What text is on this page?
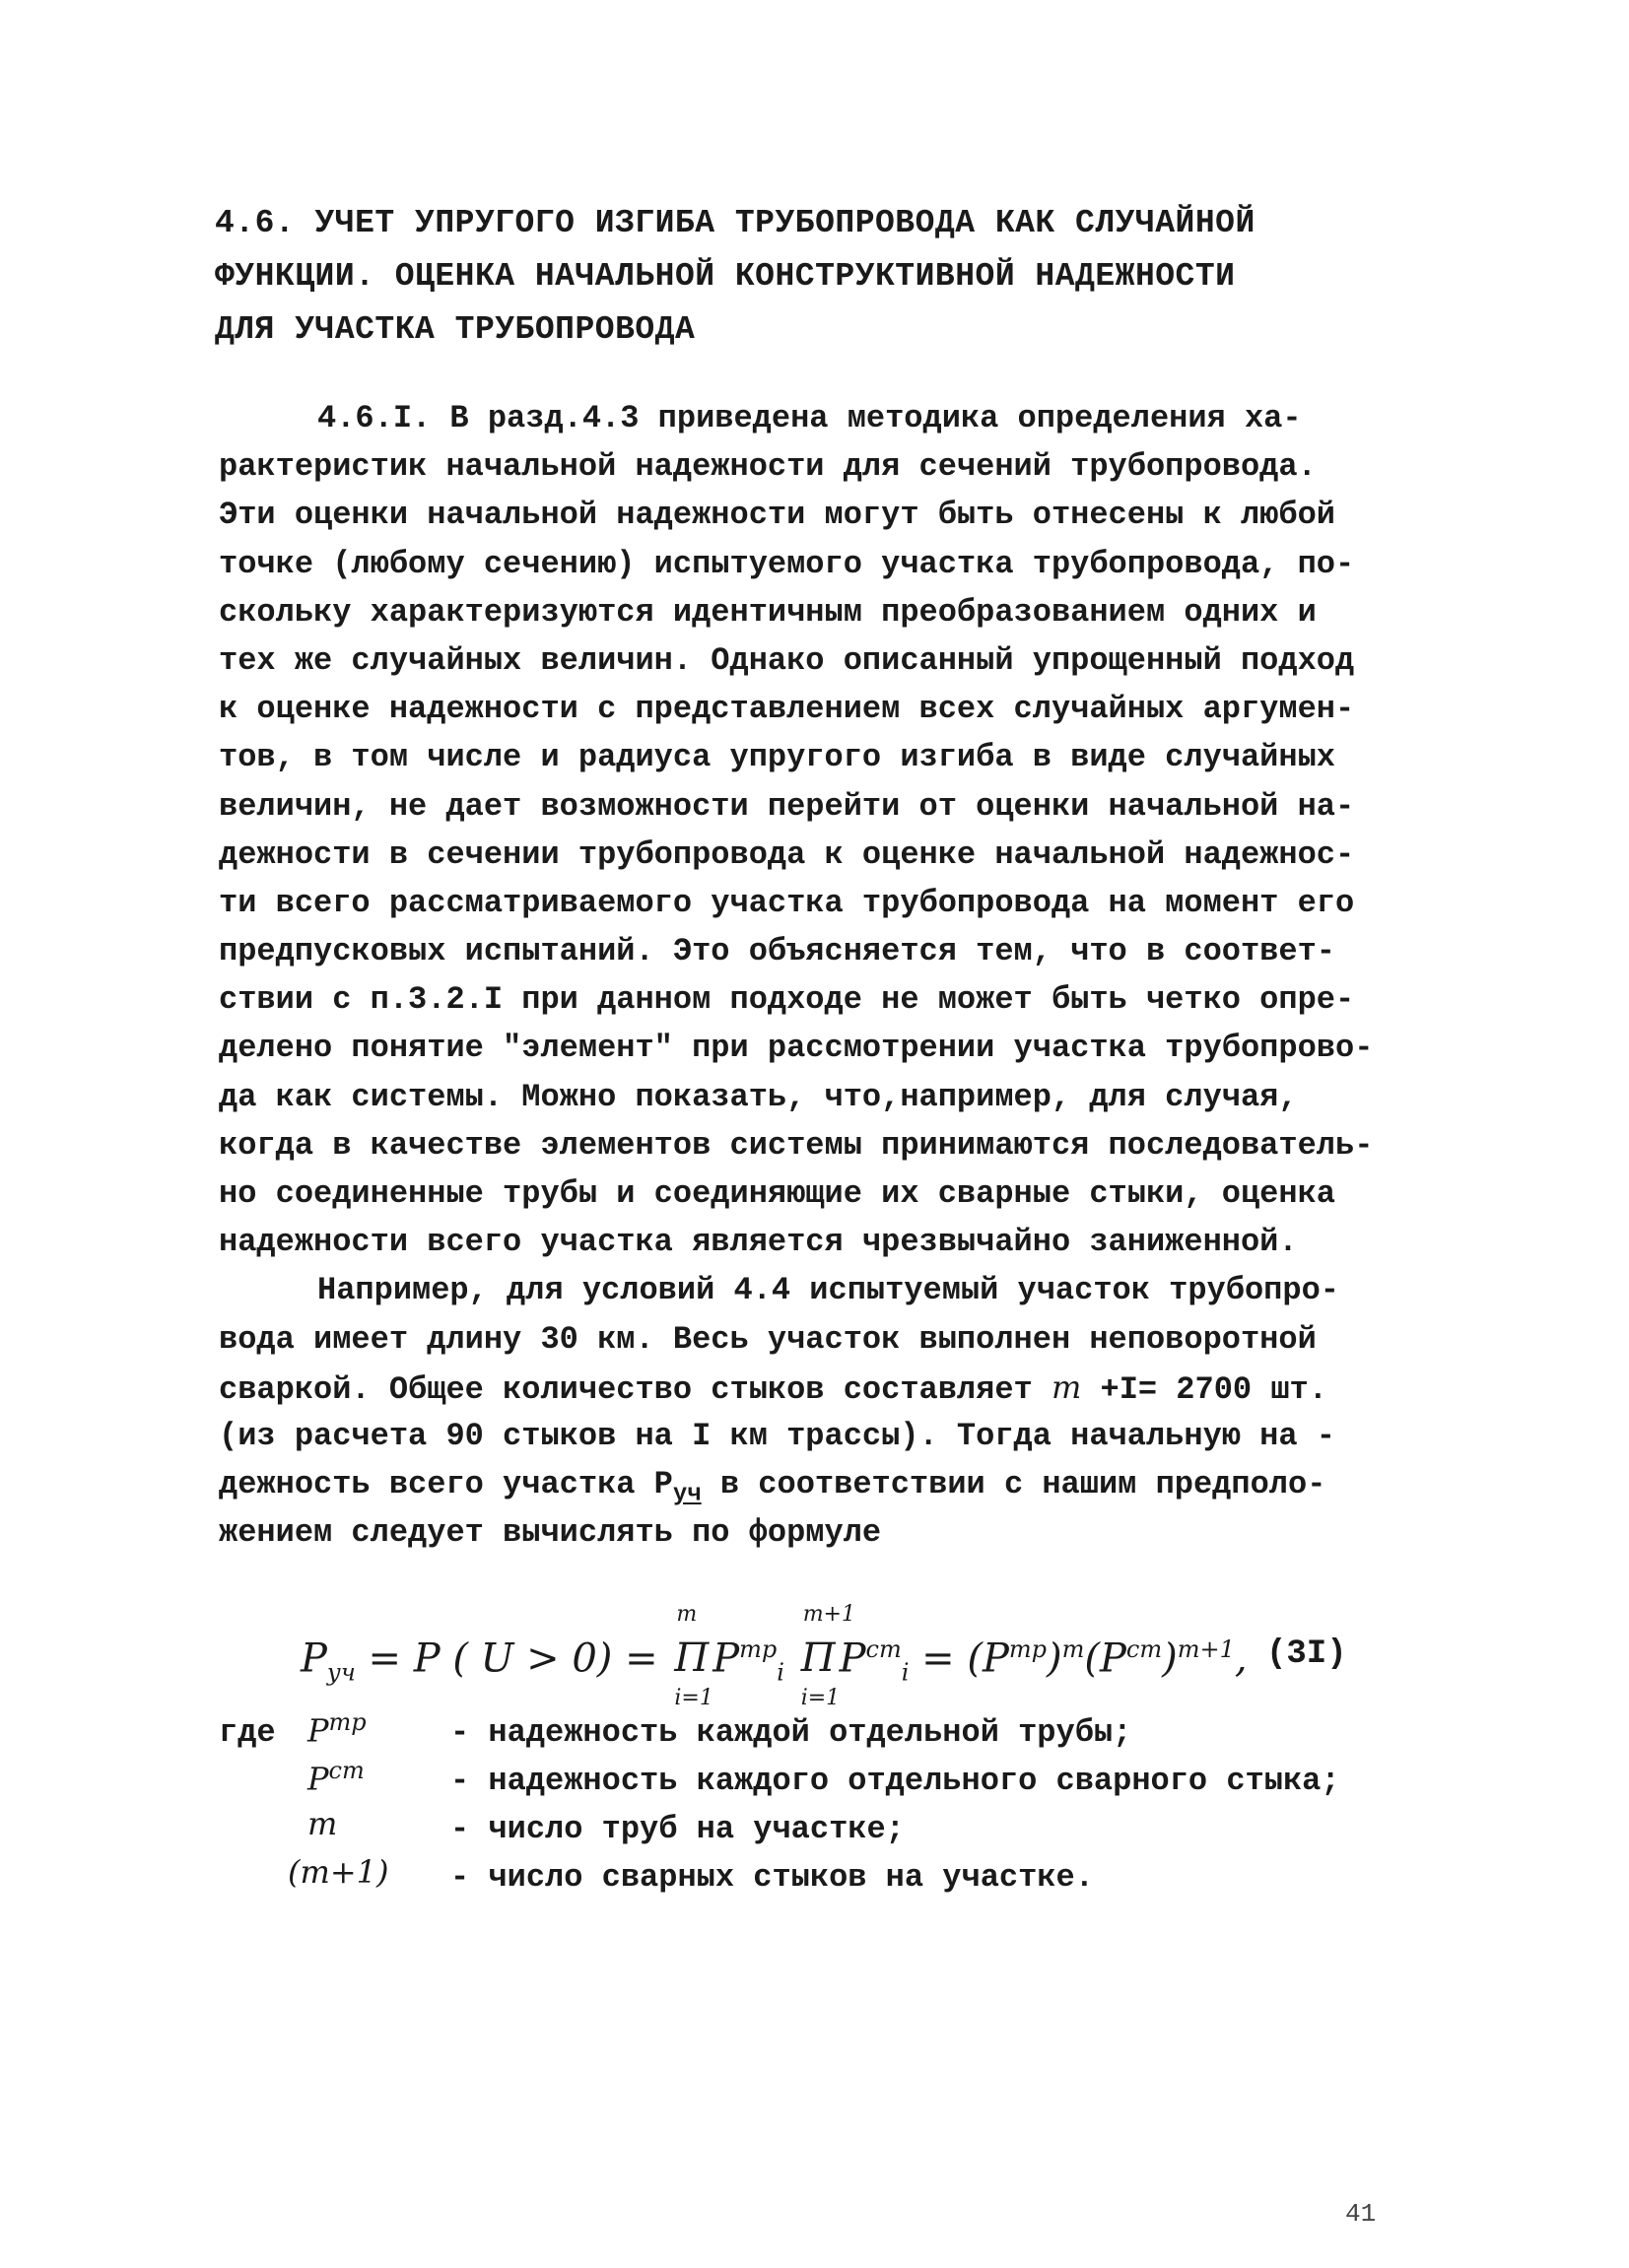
4.6. УЧЕТ УПРУГОГО ИЗГИБА ТРУБОПРОВОДА КАК СЛУЧАЙНОЙ
ФУНКЦИИ. ОЦЕНКА НАЧАЛЬНОЙ КОНСТРУКТИВНОЙ НАДЕЖНОСТИ
ДЛЯ УЧАСТКА ТРУБОПРОВОДА
4.6.I. В разд.4.3 приведена методика определения ха-
рактеристик начальной надежности для сечений трубопровода.
Эти оценки начальной надежности могут быть отнесены к любой
точке (любому сечению) испытуемого участка трубопровода, по-
скольку характеризуются идентичным преобразованием одних и
тех же случайных величин. Однако описанный упрощенный подход
к оценке надежности с представлением всех случайных аргумен-
тов, в том числе и радиуса упругого изгиба в виде случайных
величин, не дает возможности перейти от оценки начальной на-
дежности в сечении трубопровода к оценке начальной надежнос-
ти всего рассматриваемого участка трубопровода на момент его
предпусковых испытаний. Это объясняется тем, что в соответ-
ствии с п.3.2.I при данном подходе не может быть четко опре-
делено понятие "элемент" при рассмотрении участка трубопрово-
да как системы. Можно показать, что,например, для случая,
когда в качестве элементов системы принимаются последователь-
но соединенные трубы и соединяющие их сварные стыки, оценка
надежности всего участка является чрезвычайно заниженной.
Например, для условий 4.4 испытуемый участок трубопро-
вода имеет длину 30 км. Весь участок выполнен неповоротной
сваркой. Общее количество стыков составляет m +I= 2700 шт.
(из расчета 90 стыков на I км трассы). Тогда начальную на -
дежность всего участка $P_{уч}$ в соответствии с нашим предполо-
жением следует вычислять по формуле
$P_{уч} = P$ ( U > 0) = Π
m
i=1
$P^{тр}_i$ Π
m+1
i=1
$P^{ст}_i = (P^{тр})^m(P^{ст})^{m+1}$, (3I)
где $P^{тр}$	- надежность каждой отдельной трубы;
$P^{ст}$	- надежность каждого отдельного сварного стыка;
m	- число труб на участке;
(m+1)	- число сварных стыков на участке.
41
